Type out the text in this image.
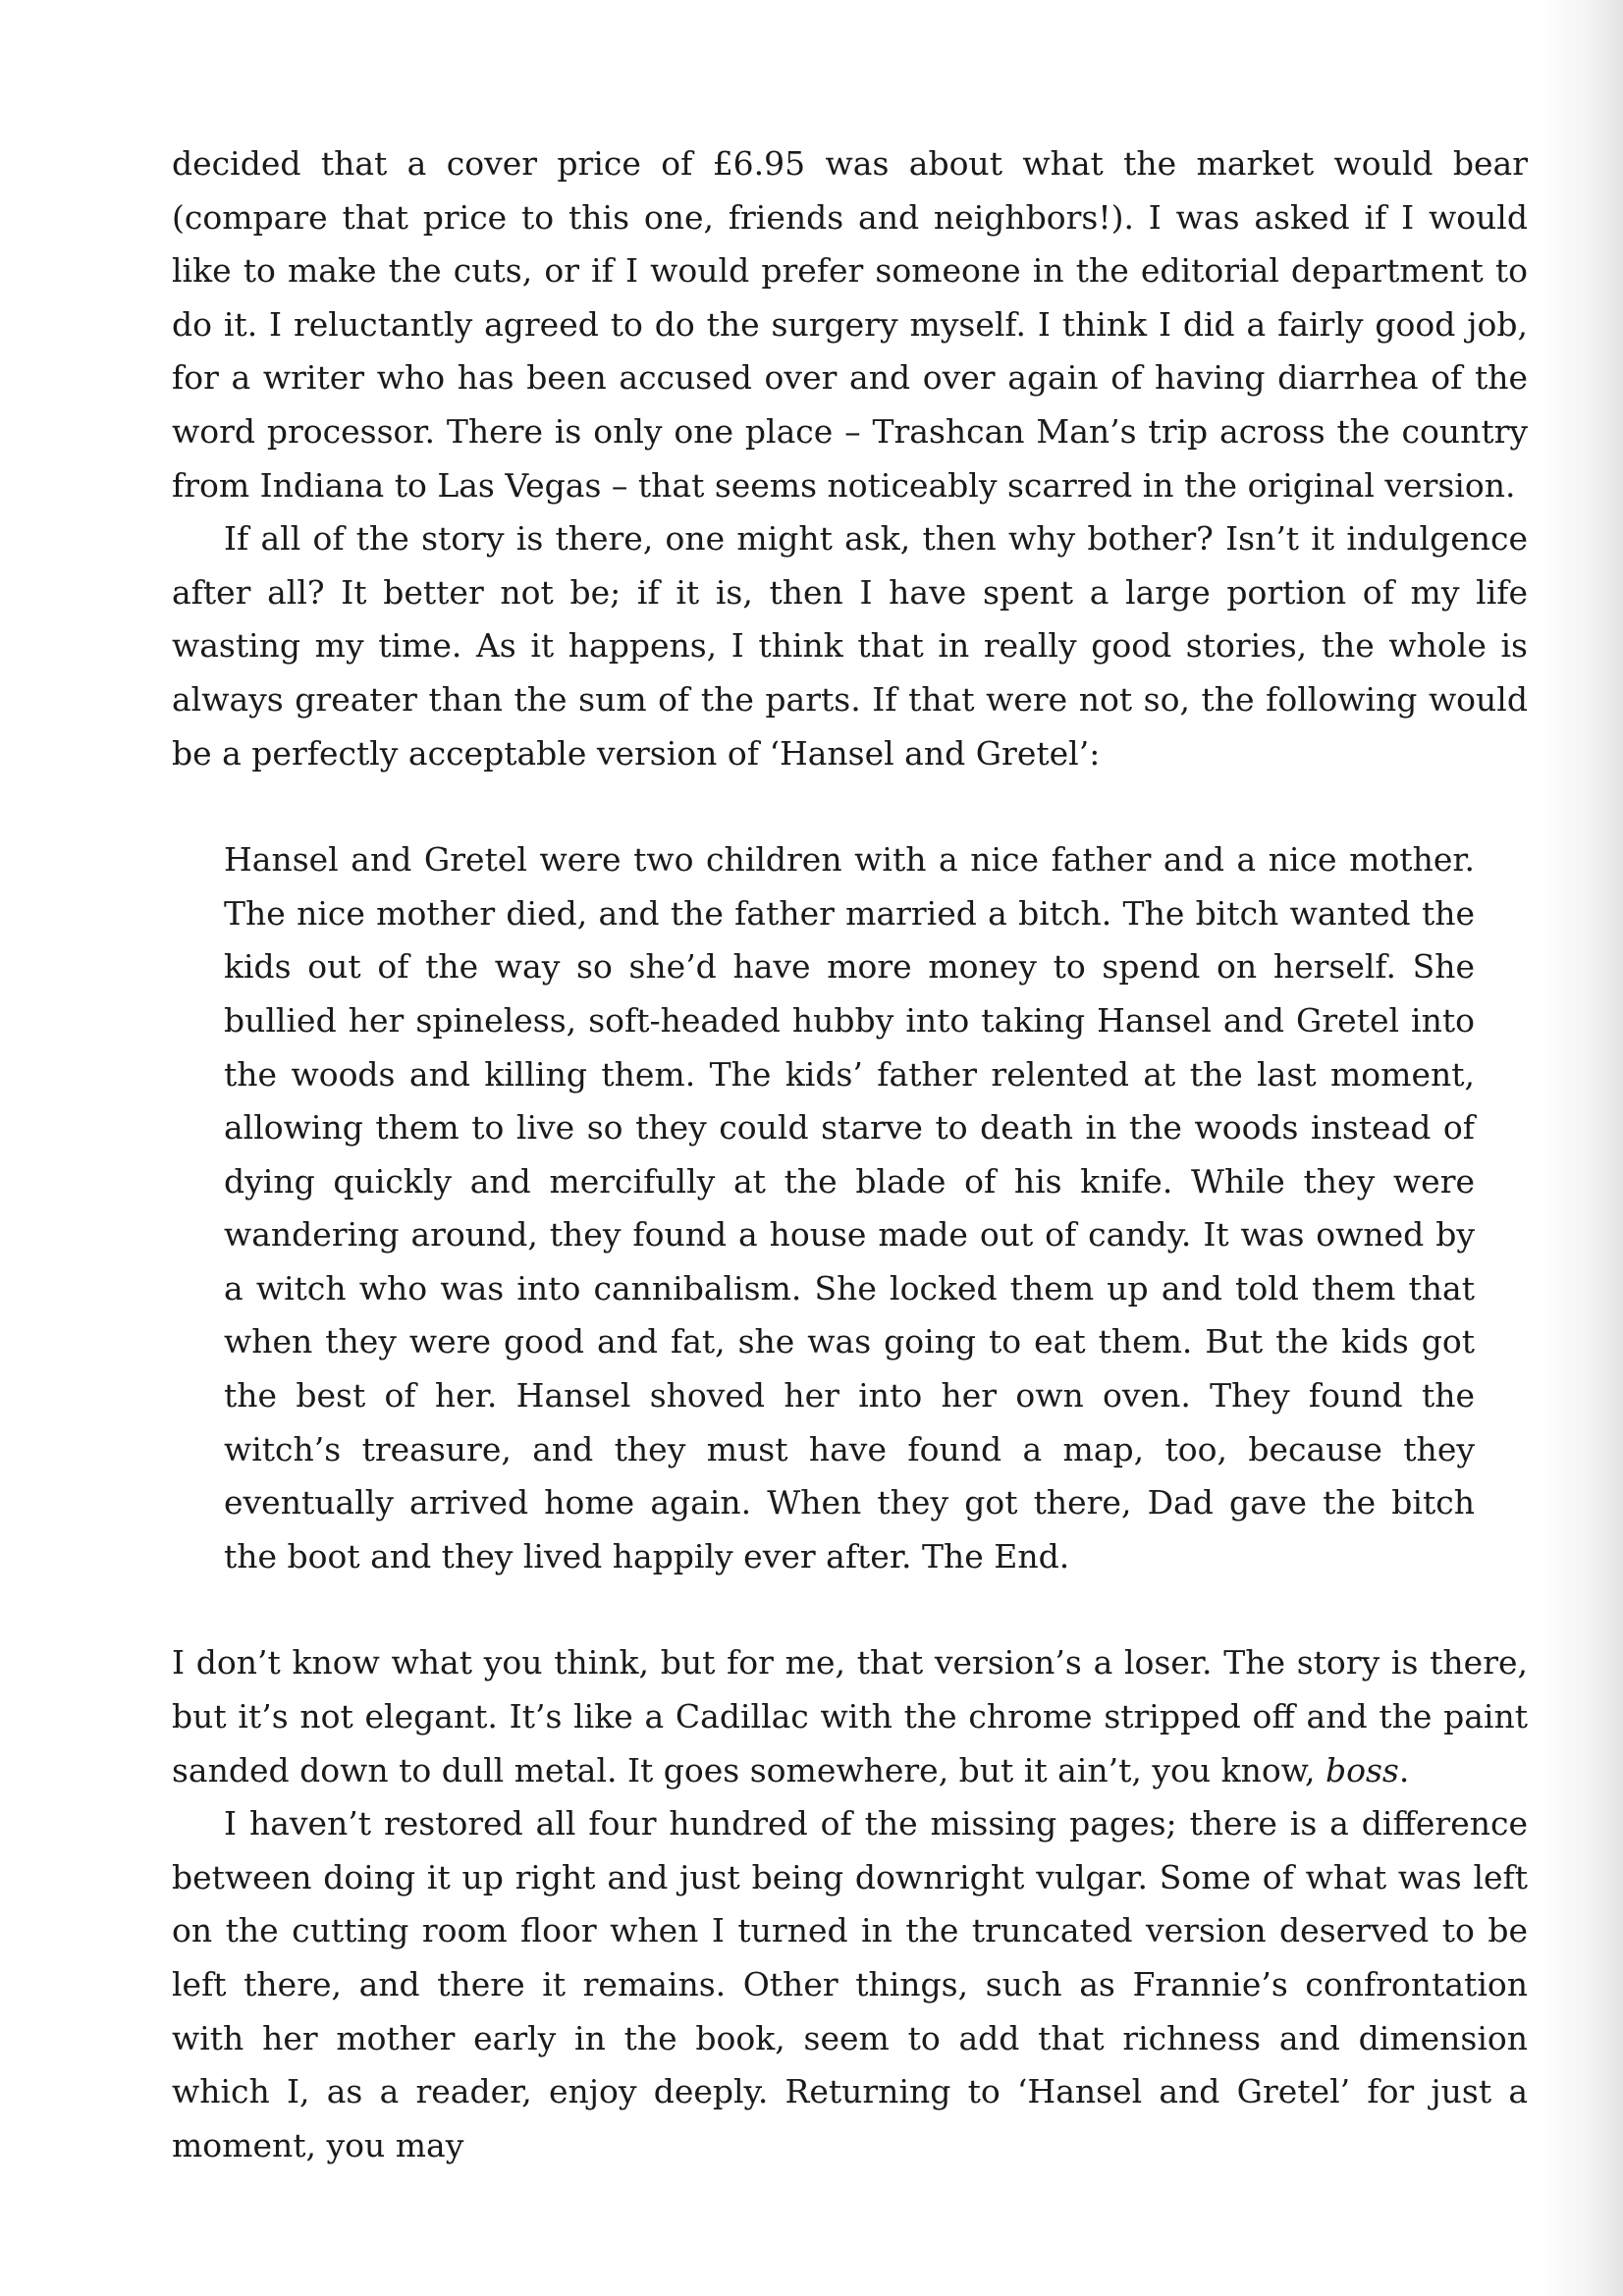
decided that a cover price of £6.95 was about what the market would bear (compare that price to this one, friends and neighbors!). I was asked if I would like to make the cuts, or if I would prefer someone in the editorial department to do it. I reluctantly agreed to do the surgery myself. I think I did a fairly good job, for a writer who has been accused over and over again of having diarrhea of the word processor. There is only one place – Trashcan Man’s trip across the country from Indiana to Las Vegas – that seems noticeably scarred in the original version.

If all of the story is there, one might ask, then why bother? Isn’t it indulgence after all? It better not be; if it is, then I have spent a large portion of my life wasting my time. As it happens, I think that in really good stories, the whole is always greater than the sum of the parts. If that were not so, the following would be a perfectly acceptable version of ‘Hansel and Gretel’:

Hansel and Gretel were two children with a nice father and a nice mother. The nice mother died, and the father married a bitch. The bitch wanted the kids out of the way so she’d have more money to spend on herself. She bullied her spineless, soft-headed hubby into taking Hansel and Gretel into the woods and killing them. The kids’ father relented at the last moment, allowing them to live so they could starve to death in the woods instead of dying quickly and mercifully at the blade of his knife. While they were wandering around, they found a house made out of candy. It was owned by a witch who was into cannibalism. She locked them up and told them that when they were good and fat, she was going to eat them. But the kids got the best of her. Hansel shoved her into her own oven. They found the witch’s treasure, and they must have found a map, too, because they eventually arrived home again. When they got there, Dad gave the bitch the boot and they lived happily ever after. The End.

I don’t know what you think, but for me, that version’s a loser. The story is there, but it’s not elegant. It’s like a Cadillac with the chrome stripped off and the paint sanded down to dull metal. It goes somewhere, but it ain’t, you know, boss.

I haven’t restored all four hundred of the missing pages; there is a difference between doing it up right and just being downright vulgar. Some of what was left on the cutting room floor when I turned in the truncated version deserved to be left there, and there it remains. Other things, such as Frannie’s confrontation with her mother early in the book, seem to add that richness and dimension which I, as a reader, enjoy deeply. Returning to ‘Hansel and Gretel’ for just a moment, you may
